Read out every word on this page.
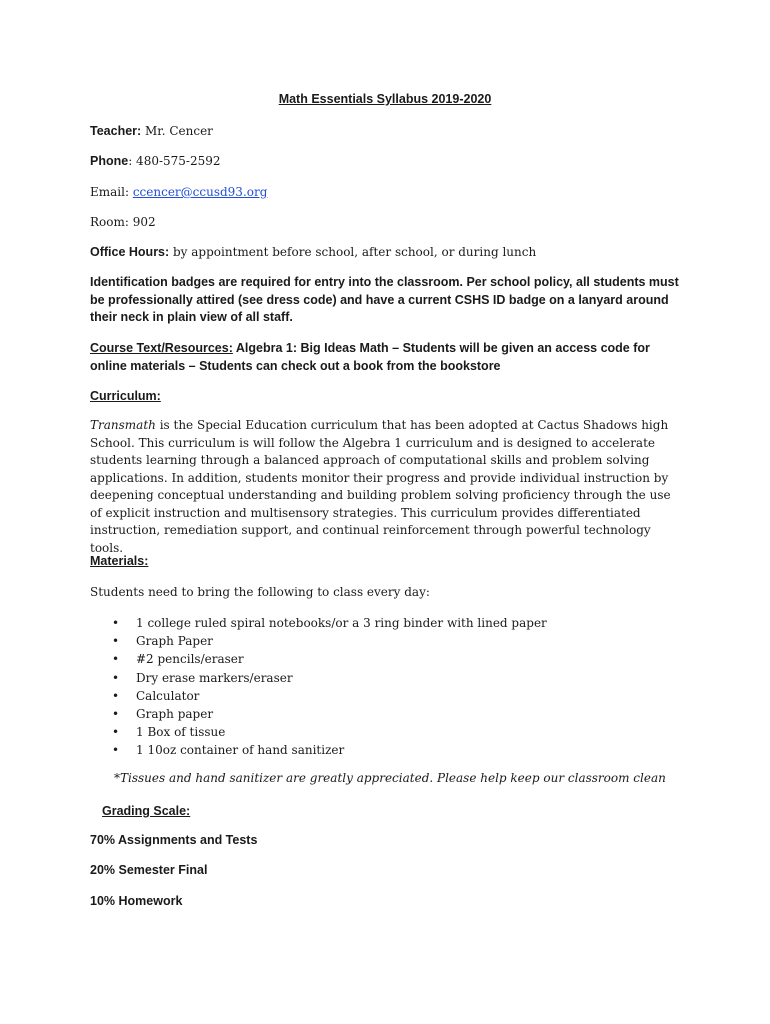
Math Essentials Syllabus 2019-2020
Teacher: Mr. Cencer
Phone: 480-575-2592
Email: ccencer@ccusd93.org
Room: 902
Office Hours: by appointment before school, after school, or during lunch
Identification badges are required for entry into the classroom. Per school policy, all students must be professionally attired (see dress code) and have a current CSHS ID badge on a lanyard around their neck in plain view of all staff.
Course Text/Resources: Algebra 1: Big Ideas Math – Students will be given an access code for online materials – Students can check out a book from the bookstore
Curriculum:
Transmath is the Special Education curriculum that has been adopted at Cactus Shadows high School. This curriculum is will follow the Algebra 1 curriculum and is designed to accelerate students learning through a balanced approach of computational skills and problem solving applications. In addition, students monitor their progress and provide individual instruction by deepening conceptual understanding and building problem solving proficiency through the use of explicit instruction and multisensory strategies. This curriculum provides differentiated instruction, remediation support, and continual reinforcement through powerful technology tools.
Materials:
Students need to bring the following to class every day:
• 1 college ruled spiral notebooks/or a 3 ring binder with lined paper
• Graph Paper
• #2 pencils/eraser
• Dry erase markers/eraser
• Calculator
• Graph paper
• 1 Box of tissue
• 1 10oz container of hand sanitizer
*Tissues and hand sanitizer are greatly appreciated. Please help keep our classroom clean
Grading Scale:
70% Assignments and Tests
20% Semester Final
10% Homework
